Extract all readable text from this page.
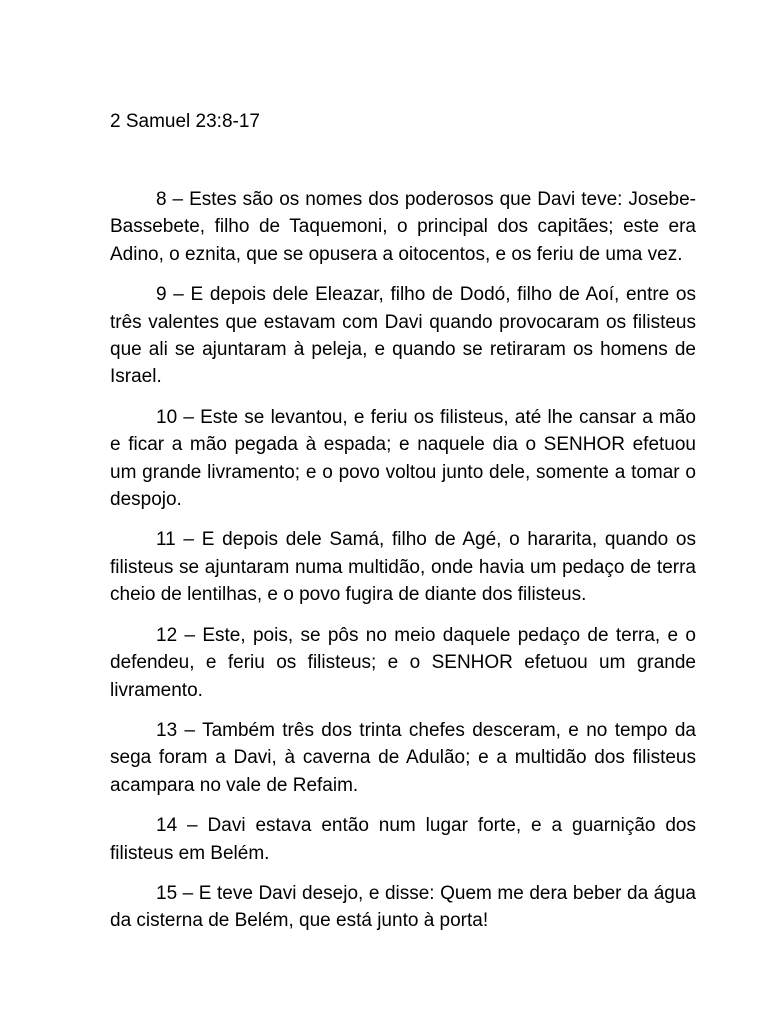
2 Samuel 23:8-17

8 – Estes são os nomes dos poderosos que Davi teve: Josebe-Bassebete, filho de Taquemoni, o principal dos capitães; este era Adino, o eznita, que se opusera a oitocentos, e os feriu de uma vez.

9 – E depois dele Eleazar, filho de Dodó, filho de Aoí, entre os três valentes que estavam com Davi quando provocaram os filisteus que ali se ajuntaram à peleja, e quando se retiraram os homens de Israel.

10 – Este se levantou, e feriu os filisteus, até lhe cansar a mão e ficar a mão pegada à espada; e naquele dia o SENHOR efetuou um grande livramento; e o povo voltou junto dele, somente a tomar o despojo.

11 – E depois dele Samá, filho de Agé, o hararita, quando os filisteus se ajuntaram numa multidão, onde havia um pedaço de terra cheio de lentilhas, e o povo fugira de diante dos filisteus.

12 – Este, pois, se pôs no meio daquele pedaço de terra, e o defendeu, e feriu os filisteus; e o SENHOR efetuou um grande livramento.

13 – Também três dos trinta chefes desceram, e no tempo da sega foram a Davi, à caverna de Adulão; e a multidão dos filisteus acampara no vale de Refaim.

14 – Davi estava então num lugar forte, e a guarnição dos filisteus em Belém.

15 – E teve Davi desejo, e disse: Quem me dera beber da água da cisterna de Belém, que está junto à porta!
